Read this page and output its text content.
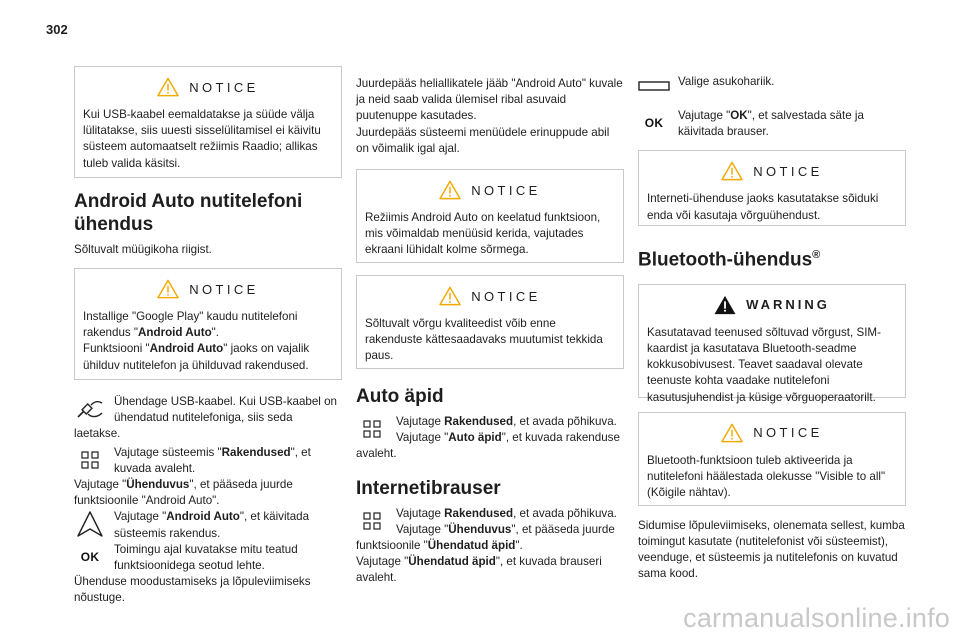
302
NOTICE
Kui USB-kaabel eemaldatakse ja süüde välja lülitatakse, siis uuesti sisselülitamisel ei käivitu süsteem automaatselt režiimis Raadio; allikas tuleb valida käsitsi.
Android Auto nutitelefoni ühendus
Sõltuvalt müügikoha riigist.
NOTICE
Installige "Google Play" kaudu nutitelefoni rakendus "Android Auto".
Funktsiooni "Android Auto" jaoks on vajalik ühilduv nutitelefon ja ühilduvad rakendused.
Ühendage USB-kaabel. Kui USB-kaabel on ühendatud nutitelefoniga, siis seda laetakse.
Vajutage süsteemis "Rakendused", et kuvada avaleht.

Vajutage "Ühenduvus", et pääseda juurde funktsioonile "Android Auto".

Vajutage "Android Auto", et käivitada süsteemis rakendus.
OK
Toimingu ajal kuvatakse mitu teatud funktsioonidega seotud lehte.

Ühenduse moodustamiseks ja lõpuleviimiseks nõustuge.

Juurdepääs heliallikatele jääb "Android Auto" kuvale ja neid saab valida ülemisel ribal asuvaid puutenuppe kasutades.

Juurdepääs süsteemi menüüdele erinuppude abil on võimalik igal ajal.

NOTICE
Režiimis Android Auto on keelatud funktsioon, mis võimaldab menüüsid kerida, vajutades ekraani lühidalt kolme sõrmega.
NOTICE
Sõltuvalt võrgu kvaliteedist võib enne rakenduste kättesaadavaks muutumist tekkida paus.
Auto äpid
Vajutage Rakendused, et avada põhikuva.

Vajutage "Auto äpid", et kuvada rakenduse avaleht.

Internetibrauser
Vajutage Rakendused, et avada põhikuva.

Vajutage "Ühenduvus", et pääseda juurde funktsioonile "Ühendatud äpid".

Vajutage "Ühendatud äpid", et kuvada brauseri avaleht.

Valige asukohariik.
OK
Vajutage "OK", et salvestada säte ja käivitada brauser.
NOTICE
Interneti-ühenduse jaoks kasutatakse sõiduki enda või kasutaja võrguühendust.
Bluetooth-ühendus®
WARNING
Kasutatavad teenused sõltuvad võrgust, SIM-kaardist ja kasutatava Bluetooth-seadme kokkusobivusest. Teavet saadaval olevate teenuste kohta vaadake nutitelefoni kasutusjuhendist ja küsige võrguoperaatorilt.
NOTICE
Bluetooth-funktsioon tuleb aktiveerida ja nutitelefoni häälestada olekusse "Visible to all" (Kõigile nähtav).

Sidumise lõpuleviimiseks, olenemata sellest, kumba toimingut kasutate (nutitelefonist või süsteemist), veenduge, et süsteemis ja nutitelefonis on kuvatud sama kood.

carmanualsonline.info
